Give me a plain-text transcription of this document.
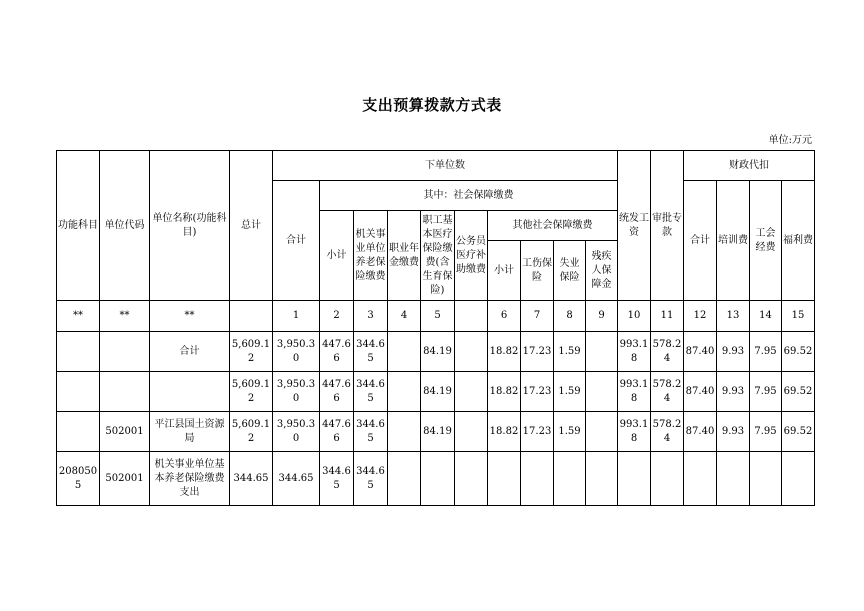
支出预算拨款方式表
单位:万元
功能科目	单位代码	单位名称(功能科目)	总计	下单位数										统发工资	审批专款	财政代扣			
				合计	其中：社会保障缴费											合计	培训费	工会经费	福利费
					小计	机关事业单位养老保险缴费	职业年金缴费	职工基本医疗保险缴费(含生育保险)	公务员医疗补助缴费	其他社会保障缴费									
										小计	工伤保险	失业保险	残疾人保障金						

**	**	**		1	2	3	4	5		6	7	8	9	10	11	12	13	14	15
		合计	5,609.12	3,950.30	447.66	344.65		84.19		18.82	17.23	1.59		993.18	578.24	87.40	9.93	7.95	69.52
			5,609.12	3,950.30	447.66	344.65		84.19		18.82	17.23	1.59		993.18	578.24	87.40	9.93	7.95	69.52
	502001	平江县国土资源局	5,609.12	3,950.30	447.66	344.65		84.19		18.82	17.23	1.59		993.18	578.24	87.40	9.93	7.95	69.52
2080505	502001	机关事业单位基本养老保险缴费支出	344.65	344.65	344.65	344.65													
